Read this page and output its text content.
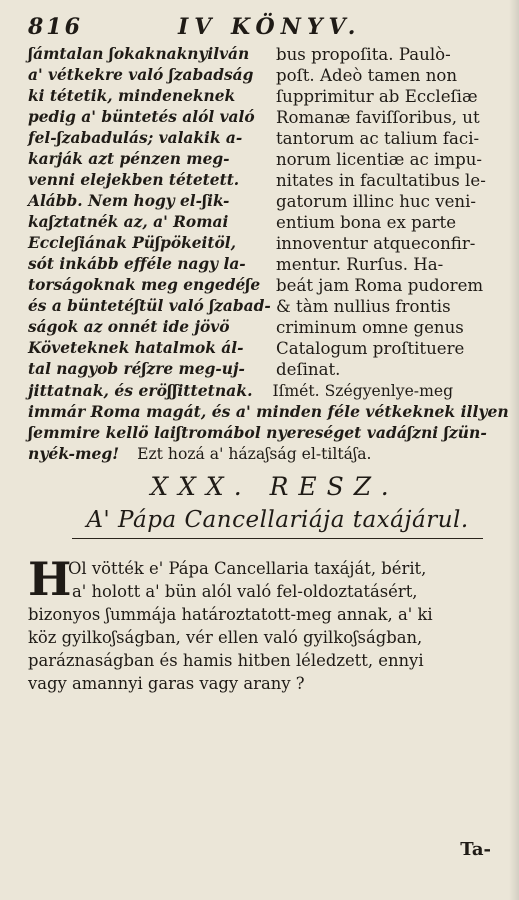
816	IV KÖNYV.
ʃámtalan ʃokaknaknyilván
a' vétkekre való ʃzabadság
ki tétetik, mindeneknek
pedig a' büntetés alól való
fel-ʃzabadulás; valakik a-
karják azt pénzen meg-
venni elejekben tétetett.
Alább. Nem hogy el-ʃik-
kaʃztatnék az, a' Romai
Eccleʃiának Püʃpökeitöl,
sót inkább efféle nagy la-
torságoknak meg engedéʃe
és a büntetéʃtül való ʃzabad-
ságok az onnét ide jövö
Követeknek hatalmok ál-
tal nagyob réʃzre meg-uj-
bus propoſita. Paulò-
poſt. Adeò tamen non
ſupprimitur ab Eccleſiæ
Romanæ faviſſoribus, ut
tantorum ac talium faci-
norum licentiæ ac impu-
nitates in facultatibus le-
gatorum illinc huc veni-
entium bona ex parte
innoventur atqueconfir-
mentur. Rurſus. Ha-
beát jam Roma pudorem
& tàm nullius frontis
criminum omne genus
Catalogum proſtituere
deſinat.
jittatnak, és eröʃʃittetnak. Iſmét. Szégyenlye-meg
immár Roma magát, és a' minden féle vétkeknek illyen
ʃemmire kellö laiʃtromábol nyereséget vadáʃzni ʃzün-
nyék-meg! Ezt hozá a' házaʃság el-tiltáʃa.
XXX. RESZ.
A' Pápa Cancellariája taxájárul.
H
Ol vötték e' Pápa Cancellaria taxáját, bérit,
a' holott a' bün alól való fel-oldoztatásért,
bizonyos ʃummája határoztatott-meg annak, a' ki
köz gyilkoʃságban, vér ellen való gyilkoʃságban,
paráznaságban és hamis hitben léledzett, ennyi
vagy amannyi garas vagy arany ?
Ta-
